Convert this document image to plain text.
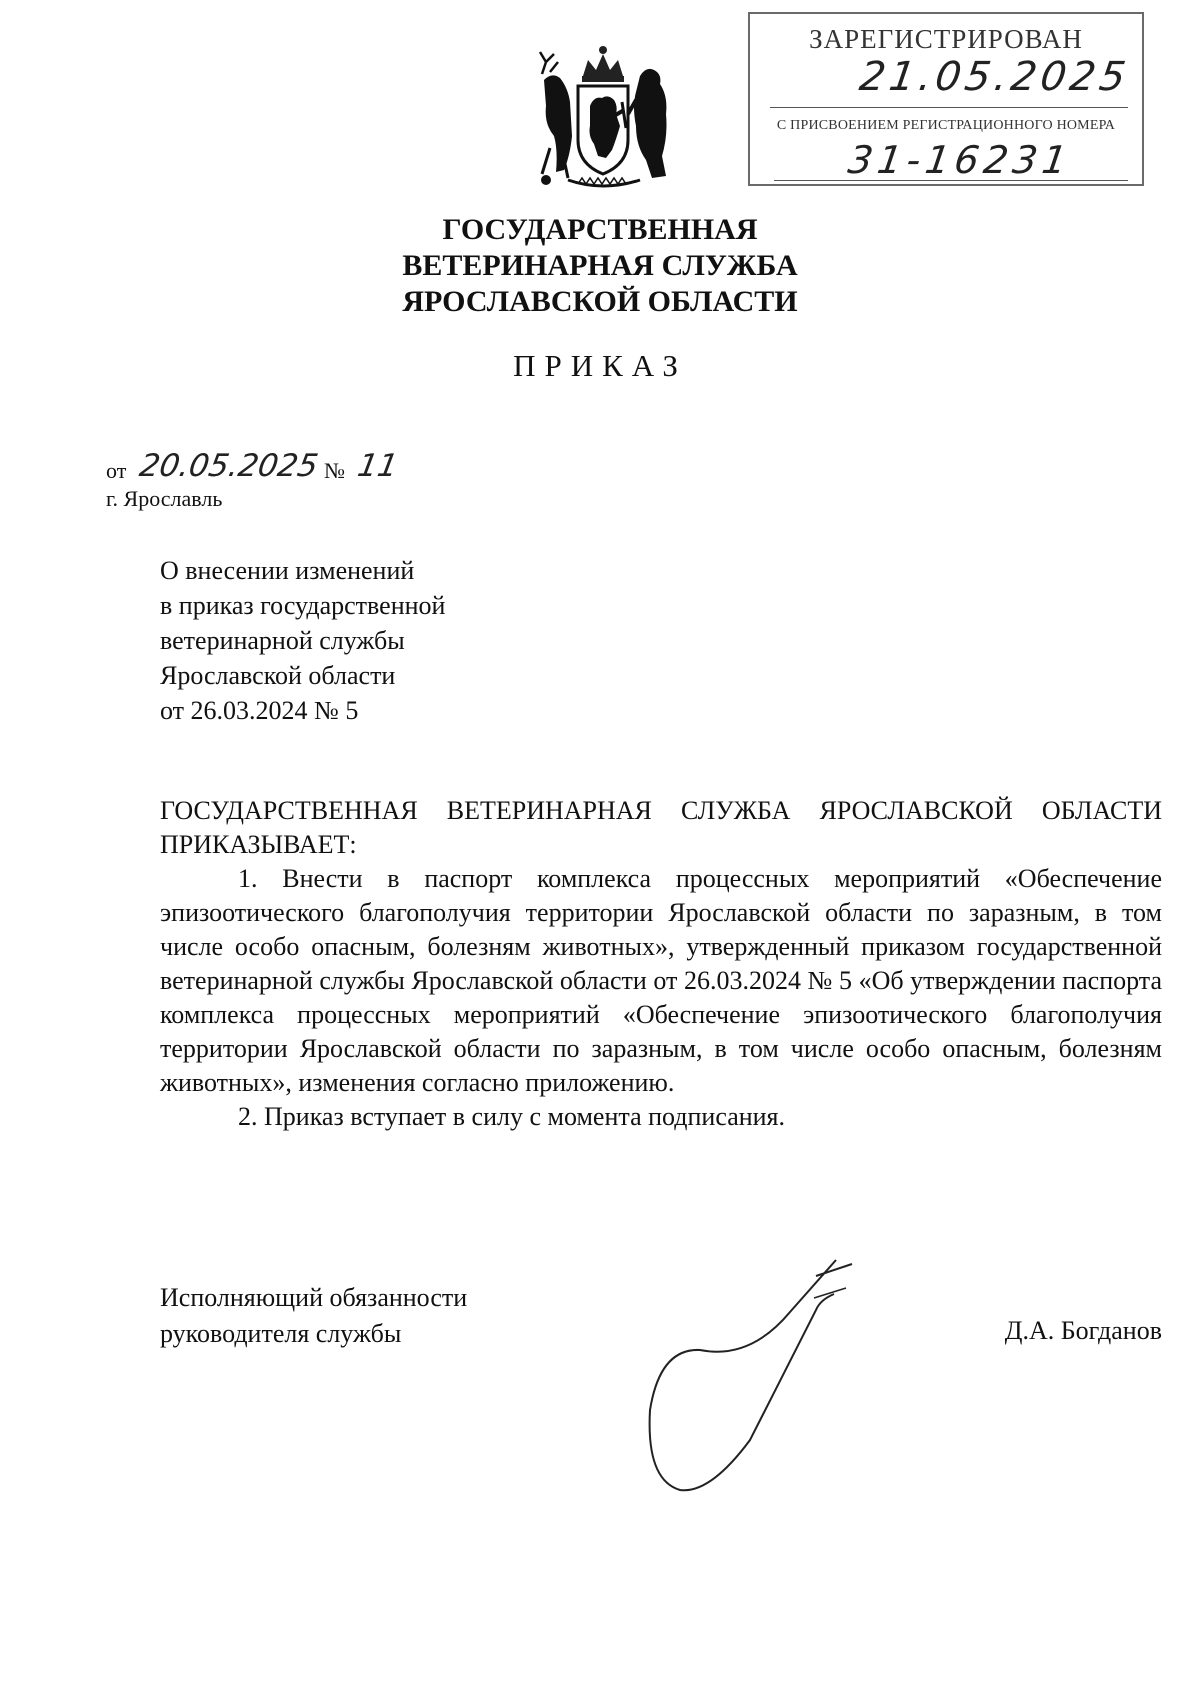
ЗАРЕГИСТРИРОВАН
21.05.2025
С ПРИСВОЕНИЕМ РЕГИСТРАЦИОННОГО НОМЕРА
31-16231
ГОСУДАРСТВЕННАЯ
ВЕТЕРИНАРНАЯ СЛУЖБА
ЯРОСЛАВСКОЙ ОБЛАСТИ
ПРИКАЗ
от 20.05.2025 № 11
г. Ярославль
О внесении изменений
в приказ государственной
ветеринарной службы
Ярославской области
от 26.03.2024 № 5

ГОСУДАРСТВЕННАЯ ВЕТЕРИНАРНАЯ СЛУЖБА ЯРОСЛАВСКОЙ ОБЛАСТИ ПРИКАЗЫВАЕТ:

1. Внести в паспорт комплекса процессных мероприятий «Обеспечение эпизоотического благополучия территории Ярославской области по заразным, в том числе особо опасным, болезням животных», утвержденный приказом государственной ветеринарной службы Ярославской области от 26.03.2024 № 5 «Об утверждении паспорта комплекса процессных мероприятий «Обеспечение эпизоотического благополучия территории Ярославской области по заразным, в том числе особо опасным, болезням животных», изменения согласно приложению.

2. Приказ вступает в силу с момента подписания.

Исполняющий обязанности
руководителя службы	Д.А. Богданов
